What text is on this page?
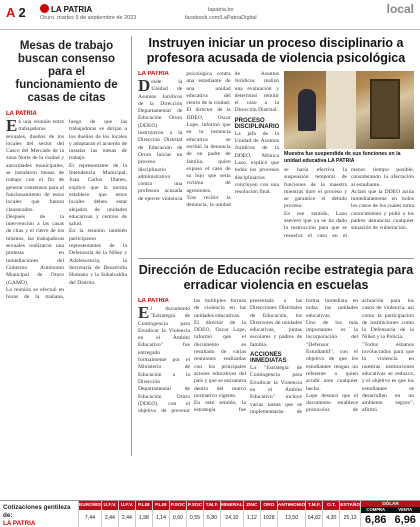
A 2	LA PATRIA
Oruro, martes 5 de septiembre de 2023
lapatria.bo
facebook.com/LaPatriaDigital
local
Mesas de trabajo buscan consenso para el funcionamiento de casas de citas
LA PATRIA

En una reunión entre trabajadoras sexuales, dueños de los locales del sector del Casco del Mercado de la zona Norte de la ciudad y autoridades municipales, se instalaron mesas de trabajo con el fin de generar consensos para el funcionamiento de estos locales que fueron clausurados.

Después de la intervención a las casas de citas y el cierre de los mismos, las trabajadoras sexuales realizaron una protesta en inmediaciones del Gobierno Autónomo Municipal de Oruro (GAMO).

La reunión se efectuó en horas de la mañana, luego de que las trabajadoras se dirijan a los dueños de los locales y adoptaran el acuerdo de instalar las mesas de trabajo.

El representante de la Intendencia Municipal, Juan Carlos Illanes, explicó que la norma establece que estos locales deben estar alejados de unidades educativas y centros de salud.

En la reunión también participaron representantes de la Defensoría de la Niñez y Adolescencia, la Secretaría de Desarrollo Humano y la Subalcaldía del Distrito.

Instruyen iniciar un proceso disciplinario a profesora acusada de violencia psicológica
LA PATRIA

Desde la Unidad de Asuntos Jurídicos de la Dirección Departamental de Educación Oruro (DDEO) instruyeron a la Dirección Distrital de Educación de Oruro iniciar un proceso disciplinario administrativo contra una profesora acusada de ejercer violencia psicológica contra una estudiante de una unidad educativa del centro de la ciudad.

El director de la DDEO, Oscar Lope, informó que en la instancia educativa se recibió la denuncia de un padre de familia, quien expuso el caso de su hijo que sería víctima de agresiones.

Tras recibir la denuncia, la unidad de Asuntos Jurídicos realizó una evaluación y determinó remitir el caso a la Dirección Distrital.

PROCESO DISCIPLINARIO

La jefa de la Unidad de Asuntos Jurídicos de la DDEO, Mónica Lazo, explicó que todos los procesos disciplinarios concluyen con una resolución final.

Muestra fue suspendida de sus funciones en la unidad educativa LA PATRIA

se haría efectiva la suspensión temporal de funciones de la maestra mientras dure el proceso y se garantice el debido proceso.

En ese sentido, Lazo aseveró que ya se ha dado la instrucción para que se resuelva el caso en el menor tiempo posible, considerando la afectación al estudiante.

Aclaró que la DDEO actúa inmediatamente en todos los casos de los cuales toma conocimiento y pidió a los padres denunciar cualquier situación de vulneración.

Dirección de Educación recibe estrategia para erradicar violencia en escuelas
LA PATRIA

El documento "Estrategia de Contingencia para Erradicar la Violencia en el Ámbito Educativo" fue entregado formalmente por el Ministerio de Educación a la Dirección Departamental de Educación Oruro (DDEO), con el objetivo de prevenir las múltiples formas de violencia en las unidades educativas.

El director de la DDEO, Oscar Lope, informó que el documento es resultado de varias reuniones realizadas con los principales actores educativos del país y que se encuentra dentro del marco normativo vigente.

En este sentido, la estrategia fue presentada a las Direcciones Distritales de Educación, los Directores de unidades educativas, juntas escolares y padres de familia.

ACCIONES INMEDIATAS

La "Estrategia de Contingencia para Erradicar la Violencia en el Ámbito Educativo" incluye varias tareas que se implementarán de forma inmediata en todas las unidades educativas.

Uno de los más importantes es la incorporación del "Defensor Estudiantil", con el objetivo de que los estudiantes tengan un referente a quien acudir ante cualquier hecho.

Lope destacó que el documento establece protocolos de actuación para los casos de violencia, así como la participación de instituciones como la Defensoría de la Niñez y la Policía.

"Todos estamos involucrados para que la violencia en nuestras instituciones educativas se reduzca, y el objetivo es que los estudiantes se desarrollen en un ambiente seguro", afirmó.

Cotizaciones gentileza de:
LA PATRIA
EURO/BS
7,44
U.F.V.
2,44
U.F.V.
2,44
P.LIB
1,98
P.LIB
1,14
P.SOC
0,60
P.SOC
0,55
T.M.F.
5,80
MINERAL
24,10
ZINC
1,12
ORO
1928
ANTIMONIO
13,50
T.M.F.
64,82
O.T.
4,30
ESTAÑO
25,12
DÓLAR
COMPRA	VENTA
6,86 6,96
